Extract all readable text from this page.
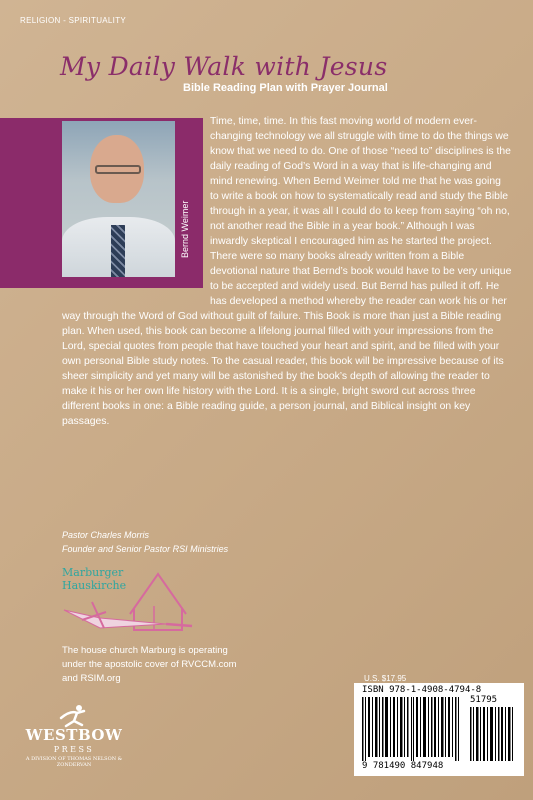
RELIGION - SPIRITUALITY
My Daily Walk with Jesus
Bible Reading Plan with Prayer Journal
Bernd Weimer
Time, time, time. In this fast moving world of modern ever-changing technology we all struggle with time to do the things we know that we need to do. One of those “need to” disciplines is the daily reading of God’s Word in a way that is life-changing and mind renewing. When Bernd Weimer told me that he was going to write a book on how to systematically read and study the Bible through in a year, it was all I could do to keep from saying “oh no, not another read the Bible in a year book.” Although I was inwardly skeptical I encouraged him as he started the project. There were so many books already written from a Bible devotional nature that Bernd’s book would have to be very unique to be accepted and widely used. But Bernd has pulled it off. He has developed a method whereby the reader can work his or her way through the Word of God without guilt of failure. This Book is more than just a Bible reading plan. When used, this book can become a lifelong journal filled with your impressions from the Lord, special quotes from people that have touched your heart and spirit, and be filled with your own personal Bible study notes. To the casual reader, this book will be impressive because of its sheer simplicity and yet many will be astonished by the book’s depth of allowing the reader to make it his or her own life history with the Lord. It is a single, bright sword cut across three different books in one: a Bible reading guide, a person journal, and Biblical insight on key passages.
Pastor Charles Morris
Founder and Senior Pastor RSI Ministries
Marburger
Hauskirche

The house church Marburg is operating under the apostolic cover of RVCCM.com and RSIM.org	U.S. $17.95
ISBN 978-1-4908-4794-8
51795
9 781490 847948
WESTBOW
PRESS
A DIVISION OF THOMAS NELSON & ZONDERVAN
